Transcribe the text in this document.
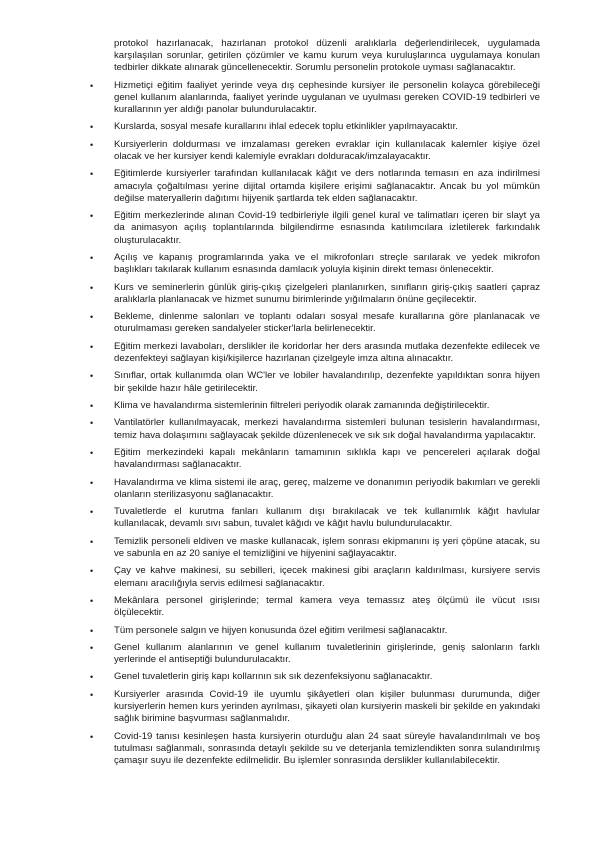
protokol hazırlanacak, hazırlanan protokol düzenli aralıklarla değerlendirilecek, uygulamada karşılaşılan sorunlar, getirilen çözümler ve kamu kurum veya kuruluşlarınca uygulamaya konulan tedbirler dikkate alınarak güncellenecektir. Sorumlu personelin protokole uyması sağlanacaktır.

• Hizmetiçi eğitim faaliyet yerinde veya dış cephesinde kursiyer ile personelin kolayca görebileceği genel kullanım alanlarında, faaliyet yerinde uygulanan ve uyulması gereken COVID-19 tedbirleri ve kurallarının yer aldığı panolar bulundurulacaktır.
• Kurslarda, sosyal mesafe kurallarını ihlal edecek toplu etkinlikler yapılmayacaktır.
• Kursiyerlerin doldurması ve imzalaması gereken evraklar için kullanılacak kalemler kişiye özel olacak ve her kursiyer kendi kalemiyle evrakları dolduracak/imzalayacaktır.
• Eğitimlerde kursiyerler tarafından kullanılacak kâğıt ve ders notlarında temasın en aza indirilmesi amacıyla çoğaltılması yerine dijital ortamda kişilere erişimi sağlanacaktır. Ancak bu yol mümkün değilse materyallerin dağıtımı hijyenik şartlarda tek elden sağlanacaktır.
• Eğitim merkezlerinde alınan Covid-19 tedbirleriyle ilgili genel kural ve talimatları içeren bir slayt ya da animasyon açılış toplantılarında bilgilendirme esnasında katılımcılara izletilerek farkındalık oluşturulacaktır.
• Açılış ve kapanış programlarında yaka ve el mikrofonları streçle sarılarak ve yedek mikrofon başlıkları takılarak kullanım esnasında damlacık yoluyla kişinin direkt teması önlenecektir.
• Kurs ve seminerlerin günlük giriş-çıkış çizelgeleri planlanırken, sınıfların giriş-çıkış saatleri çapraz aralıklarla planlanacak ve hizmet sunumu birimlerinde yığılmaların önüne geçilecektir.
• Bekleme, dinlenme salonları ve toplantı odaları sosyal mesafe kurallarına göre planlanacak ve oturulmaması gereken sandalyeler sticker'larla belirlenecektir.
• Eğitim merkezi lavaboları, derslikler ile koridorlar her ders arasında mutlaka dezenfekte edilecek ve dezenfekteyi sağlayan kişi/kişilerce hazırlanan çizelgeyle imza altına alınacaktır.
• Sınıflar, ortak kullanımda olan WC'ler ve lobiler havalandırılıp, dezenfekte yapıldıktan sonra hijyen bir şekilde hazır hâle getirilecektir.
• Klima ve havalandırma sistemlerinin filtreleri periyodik olarak zamanında değiştirilecektir.
• Vantilatörler kullanılmayacak, merkezi havalandırma sistemleri bulunan tesislerin havalandırması, temiz hava dolaşımını sağlayacak şekilde düzenlenecek ve sık sık doğal havalandırma yapılacaktır.
• Eğitim merkezindeki kapalı mekânların tamamının sıklıkla kapı ve pencereleri açılarak doğal havalandırması sağlanacaktır.
• Havalandırma ve klima sistemi ile araç, gereç, malzeme ve donanımın periyodik bakımları ve gerekli olanların sterilizasyonu sağlanacaktır.
• Tuvaletlerde el kurutma fanları kullanım dışı bırakılacak ve tek kullanımlık kâğıt havlular kullanılacak, devamlı sıvı sabun, tuvalet kâğıdı ve kâğıt havlu bulundurulacaktır.
• Temizlik personeli eldiven ve maske kullanacak, işlem sonrası ekipmanını iş yeri çöpüne atacak, su ve sabunla en az 20 saniye el temizliğini ve hijyenini sağlayacaktır.
• Çay ve kahve makinesi, su sebilleri, içecek makinesi gibi araçların kaldırılması, kursiyere servis elemanı aracılığıyla servis edilmesi sağlanacaktır.
• Mekânlara personel girişlerinde; termal kamera veya temassız ateş ölçümü ile vücut ısısı ölçülecektir.
• Tüm personele salgın ve hijyen konusunda özel eğitim verilmesi sağlanacaktır.
• Genel kullanım alanlarının ve genel kullanım tuvaletlerinin girişlerinde, geniş salonların farklı yerlerinde el antiseptiği bulundurulacaktır.
• Genel tuvaletlerin giriş kapı kollarının sık sık dezenfeksiyonu sağlanacaktır.
• Kursiyerler arasında Covid-19 ile uyumlu şikâyetleri olan kişiler bulunması durumunda, diğer kursiyerlerin hemen kurs yerinden ayrılması, şikayeti olan kursiyerin maskeli bir şekilde en yakındaki sağlık birimine başvurması sağlanmalıdır.
• Covid-19 tanısı kesinleşen hasta kursiyerin oturduğu alan 24 saat süreyle havalandırılmalı ve boş tutulması sağlanmalı, sonrasında detaylı şekilde su ve deterjanla temizlendikten sonra sulandırılmış çamaşır suyu ile dezenfekte edilmelidir. Bu işlemler sonrasında derslikler kullanılabilecektir.
